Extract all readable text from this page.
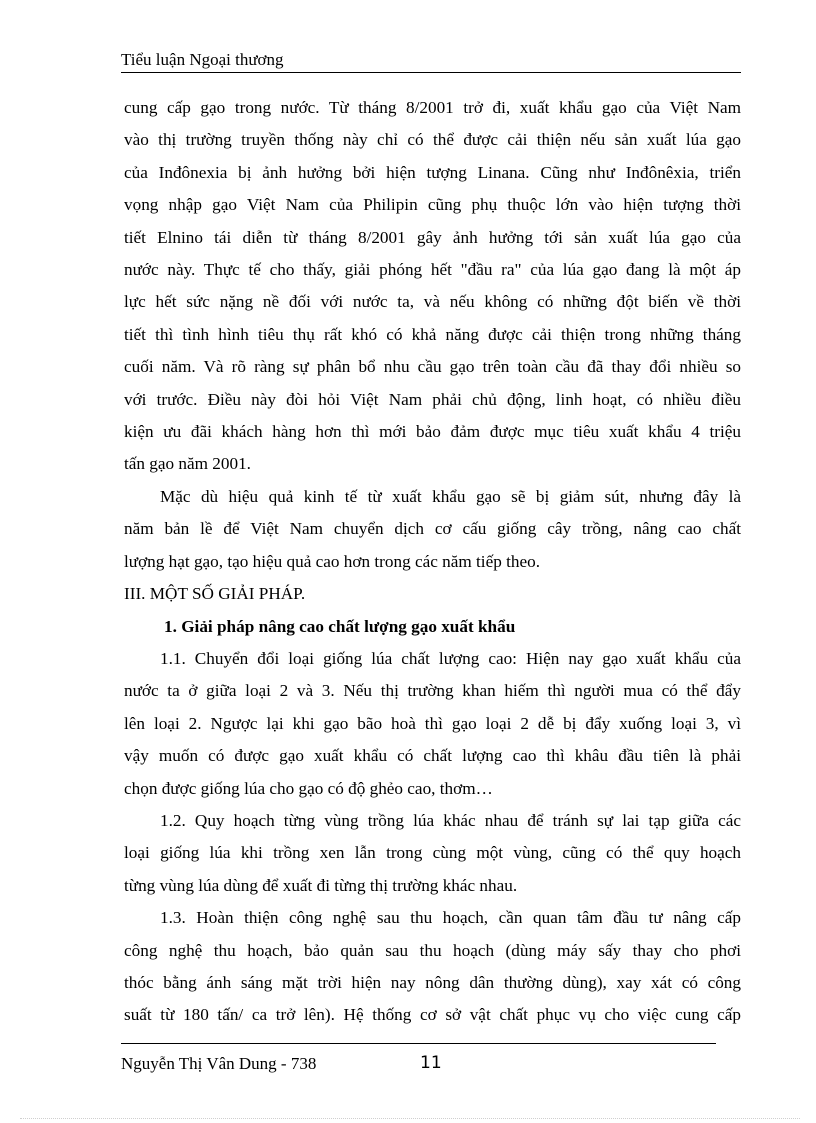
Tiểu luận Ngoại thương
cung cấp gạo trong nước. Từ tháng 8/2001 trở đi, xuất khẩu gạo của Việt Nam
vào thị trường truyền thống này chỉ có thể được cải thiện nếu sản xuất lúa gạo
của Inđônexia bị ảnh hưởng bởi hiện tượng Linana. Cũng như Inđônêxia, triển
vọng nhập gạo Việt Nam của Philipin cũng phụ thuộc lớn vào hiện tượng thời
tiết Elnino tái diễn từ tháng 8/2001 gây ảnh hưởng tới sản xuất lúa gạo của
nước này. Thực tế cho thấy, giải phóng hết "đầu ra" của lúa gạo đang là một áp
lực hết sức nặng nề đối với nước ta, và nếu không có những đột biến về thời
tiết thì tình hình tiêu thụ rất khó có khả năng được cải thiện trong những tháng
cuối năm. Và rõ ràng sự phân bổ nhu cầu gạo trên toàn cầu đã thay đổi nhiều so
với trước. Điều này đòi hỏi Việt Nam phải chủ động, linh hoạt, có nhiều điều
kiện ưu đãi khách hàng hơn thì mới bảo đảm được mục tiêu xuất khẩu 4 triệu
tấn gạo năm 2001.
Mặc dù hiệu quả kinh tế từ xuất khẩu gạo sẽ bị giảm sút, nhưng đây là
năm bản lề để Việt Nam chuyển dịch cơ cấu giống cây trồng, nâng cao chất
lượng hạt gạo, tạo hiệu quả cao hơn trong các năm tiếp theo.
III. MỘT SỐ GIẢI PHÁP.
1. Giải pháp nâng cao chất lượng gạo xuất khẩu
1.1. Chuyển đổi loại giống lúa chất lượng cao: Hiện nay gạo xuất khẩu của
nước ta ở giữa loại 2 và 3. Nếu thị trường khan hiếm thì người mua có thể đẩy
lên loại 2. Ngược lại khi gạo bão hoà thì gạo loại 2 dễ bị đẩy xuống loại 3, vì
vậy muốn có được gạo xuất khẩu có chất lượng cao thì khâu đầu tiên là phải
chọn được giống lúa cho gạo có độ ghẻo cao, thơm…
1.2. Quy hoạch từng vùng trồng lúa khác nhau để tránh sự lai tạp giữa các
loại giống lúa khi trồng xen lẫn trong cùng một vùng, cũng có thể quy hoạch
từng vùng lúa dùng để xuất đi từng thị trường khác nhau.
1.3. Hoàn thiện công nghệ sau thu hoạch, cần quan tâm đầu tư nâng cấp
công nghệ thu hoạch, bảo quản sau thu hoạch (dùng máy sấy thay cho phơi
thóc bằng ánh sáng mặt trời hiện nay nông dân thường dùng), xay xát có công
suất từ 180 tấn/ ca trở lên). Hệ thống cơ sở vật chất phục vụ cho việc cung cấp
Nguyễn Thị Vân Dung - 738	11
